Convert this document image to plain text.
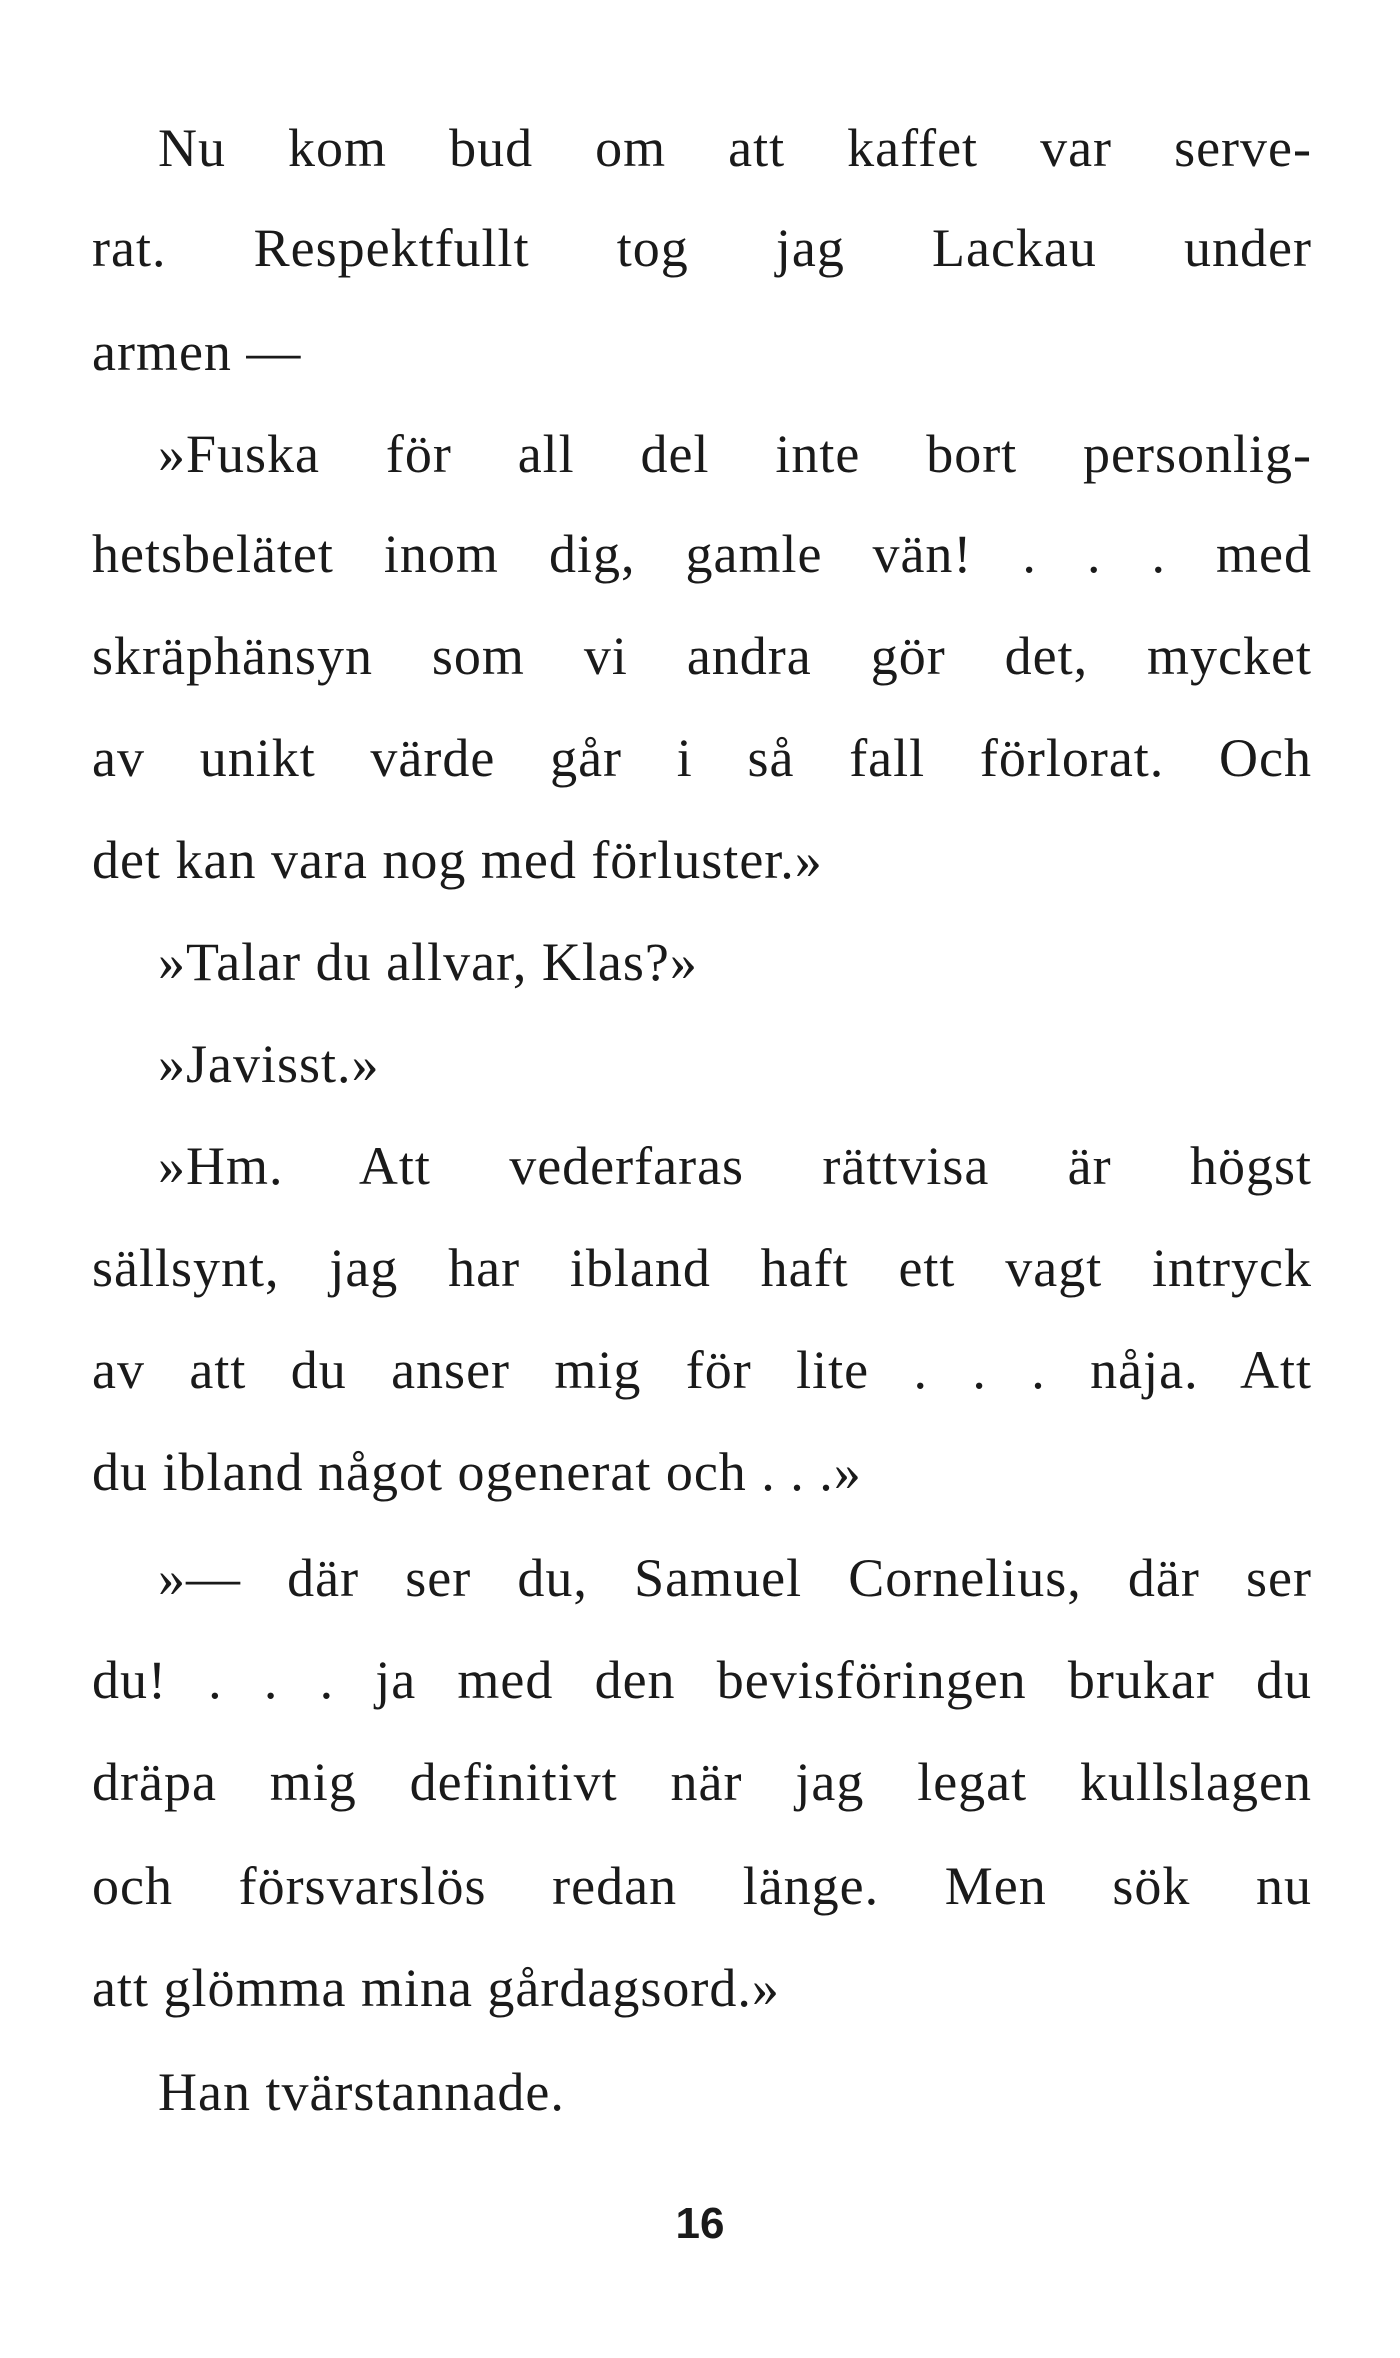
Nu kom bud om att kaffet var serve-
rat. Respektfullt tog jag Lackau under
armen —
»Fuska för all del inte bort personlig-
hetsbelätet inom dig, gamle vän! . . . med
skräphänsyn som vi andra gör det, mycket
av unikt värde går i så fall förlorat. Och
det kan vara nog med förluster.»
»Talar du allvar, Klas?»
»Javisst.»
»Hm. Att vederfaras rättvisa är högst
sällsynt, jag har ibland haft ett vagt intryck
av att du anser mig för lite . . . nåja. Att
du ibland något ogenerat och . . .»
»— där ser du, Samuel Cornelius, där ser
du! . . . ja med den bevisföringen brukar du
dräpa mig definitivt när jag legat kullslagen
och försvarslös redan länge. Men sök nu
att glömma mina gårdagsord.»
Han tvärstannade.
16
